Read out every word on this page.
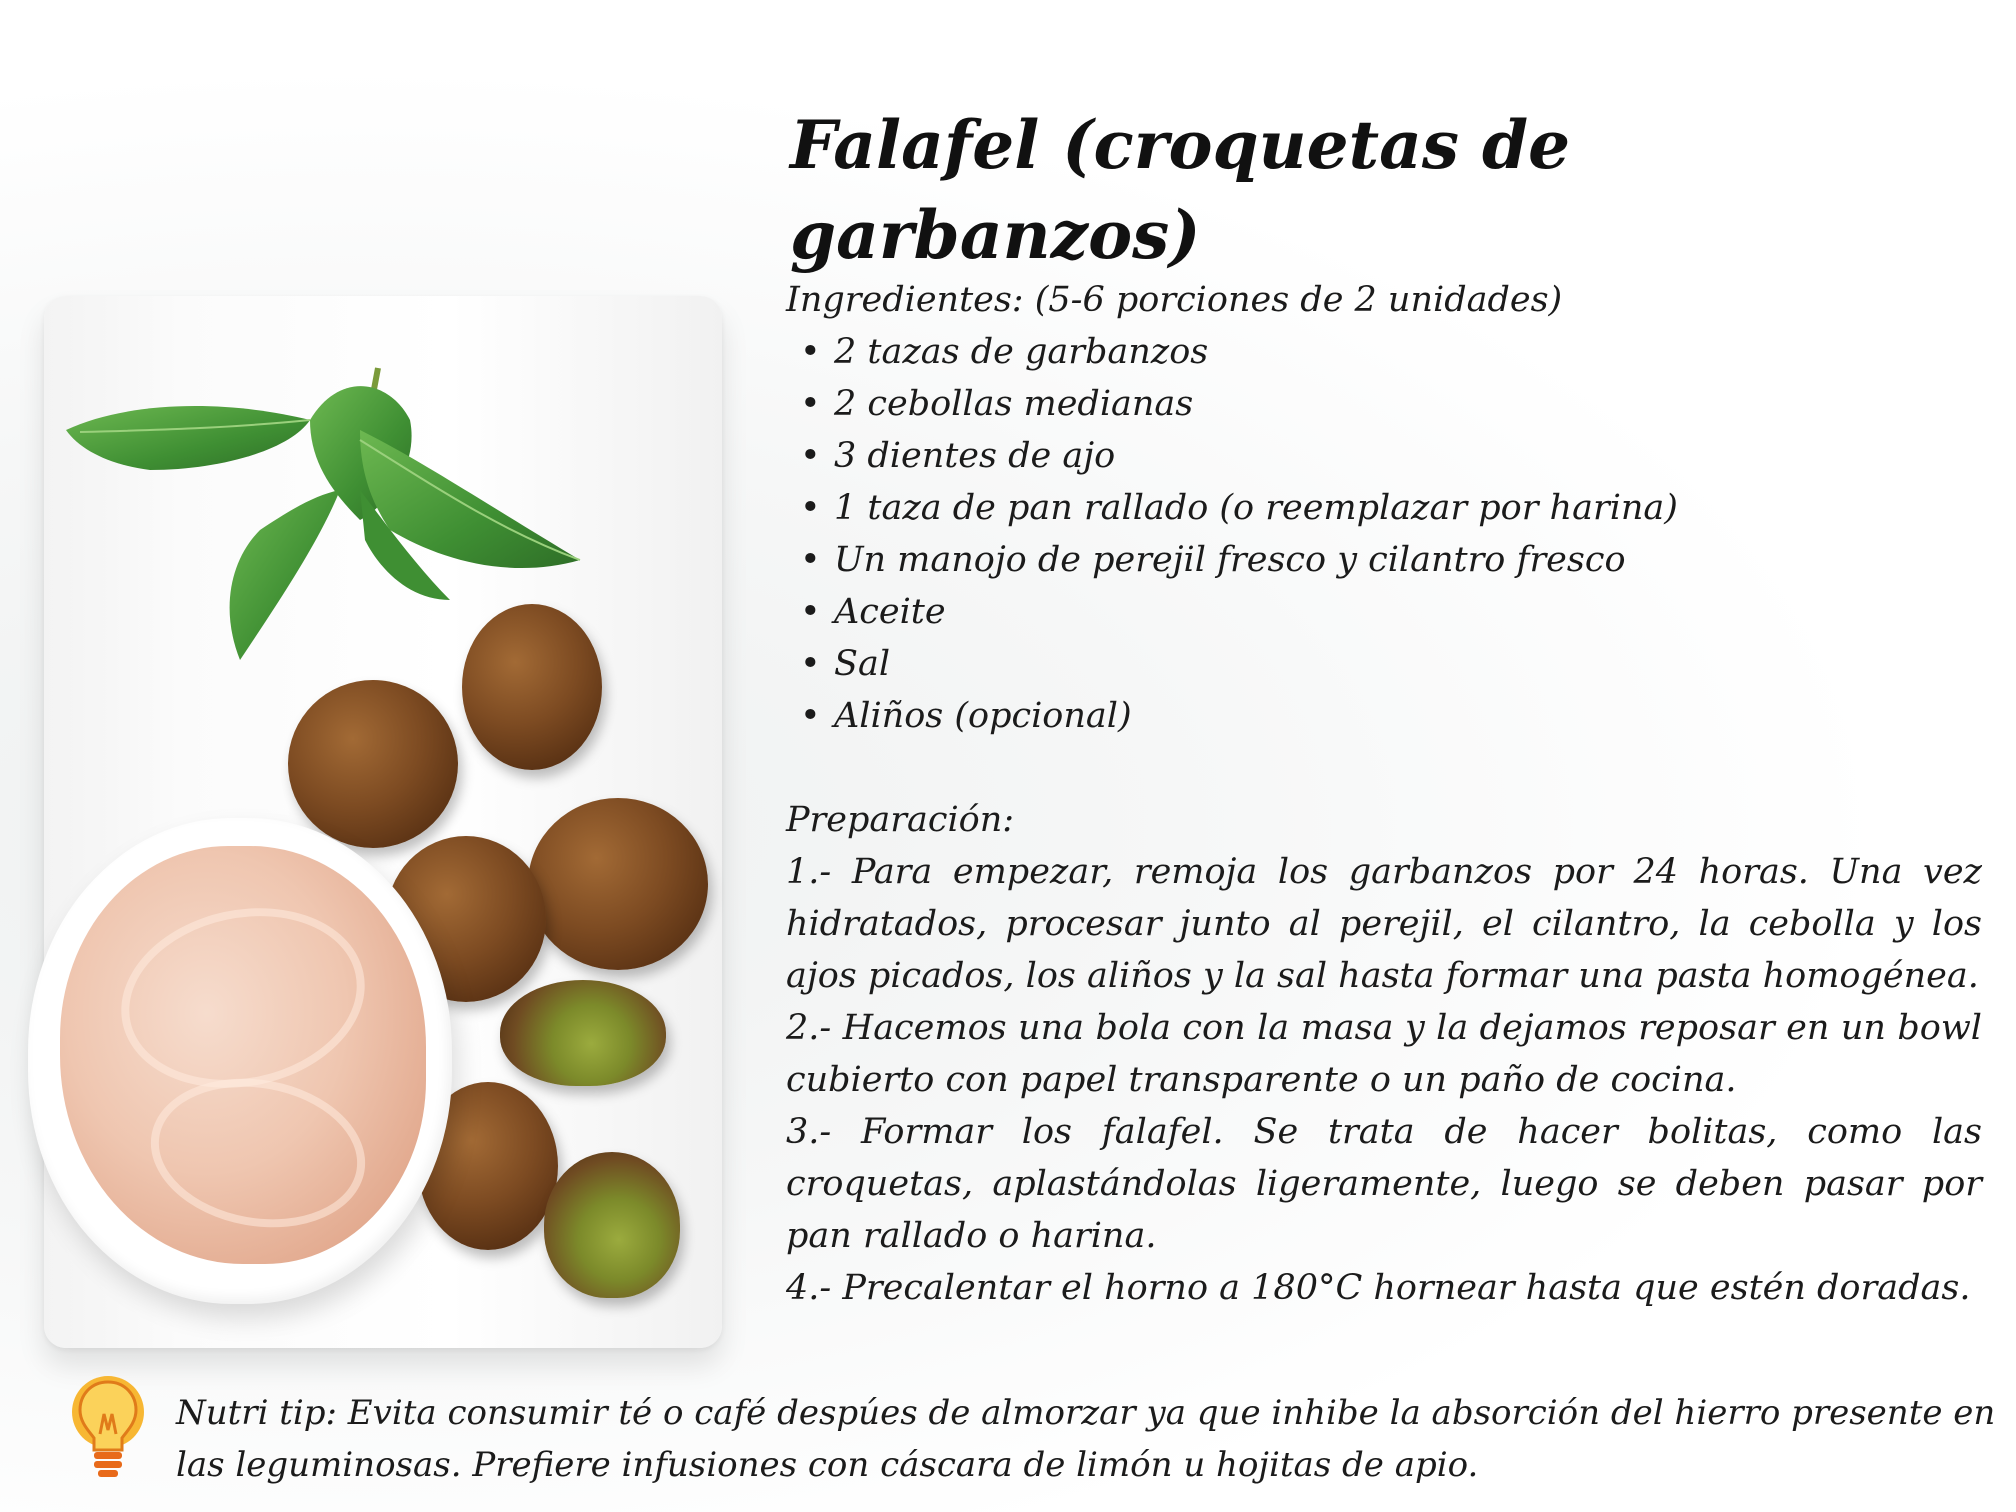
Falafel (croquetas de garbanzos)

Ingredientes: (5-6 porciones de 2 unidades)

• 2 tazas de garbanzos
• 2 cebollas medianas
• 3 dientes de ajo
• 1 taza de pan rallado (o reemplazar por harina)
• Un manojo de perejil fresco y cilantro fresco
• Aceite
• Sal
• Aliños (opcional)

Preparación:

1.- Para empezar, remoja los garbanzos por 24 horas. Una vez hidratados, procesar junto al perejil, el cilantro, la cebolla y los ajos picados, los aliños y la sal hasta formar una pasta homogénea.

2.- Hacemos una bola con la masa y la dejamos reposar en un bowl cubierto con papel transparente o un paño de cocina.

3.- Formar los falafel. Se trata de hacer bolitas, como las croquetas, aplastándolas ligeramente, luego se deben pasar por pan rallado o harina.

4.- Precalentar el horno a 180°C hornear hasta que estén doradas.

Nutri tip: Evita consumir té o café despúes de almorzar ya que inhibe la absorción del hierro presente en las leguminosas. Prefiere infusiones con cáscara de limón u hojitas de apio.
